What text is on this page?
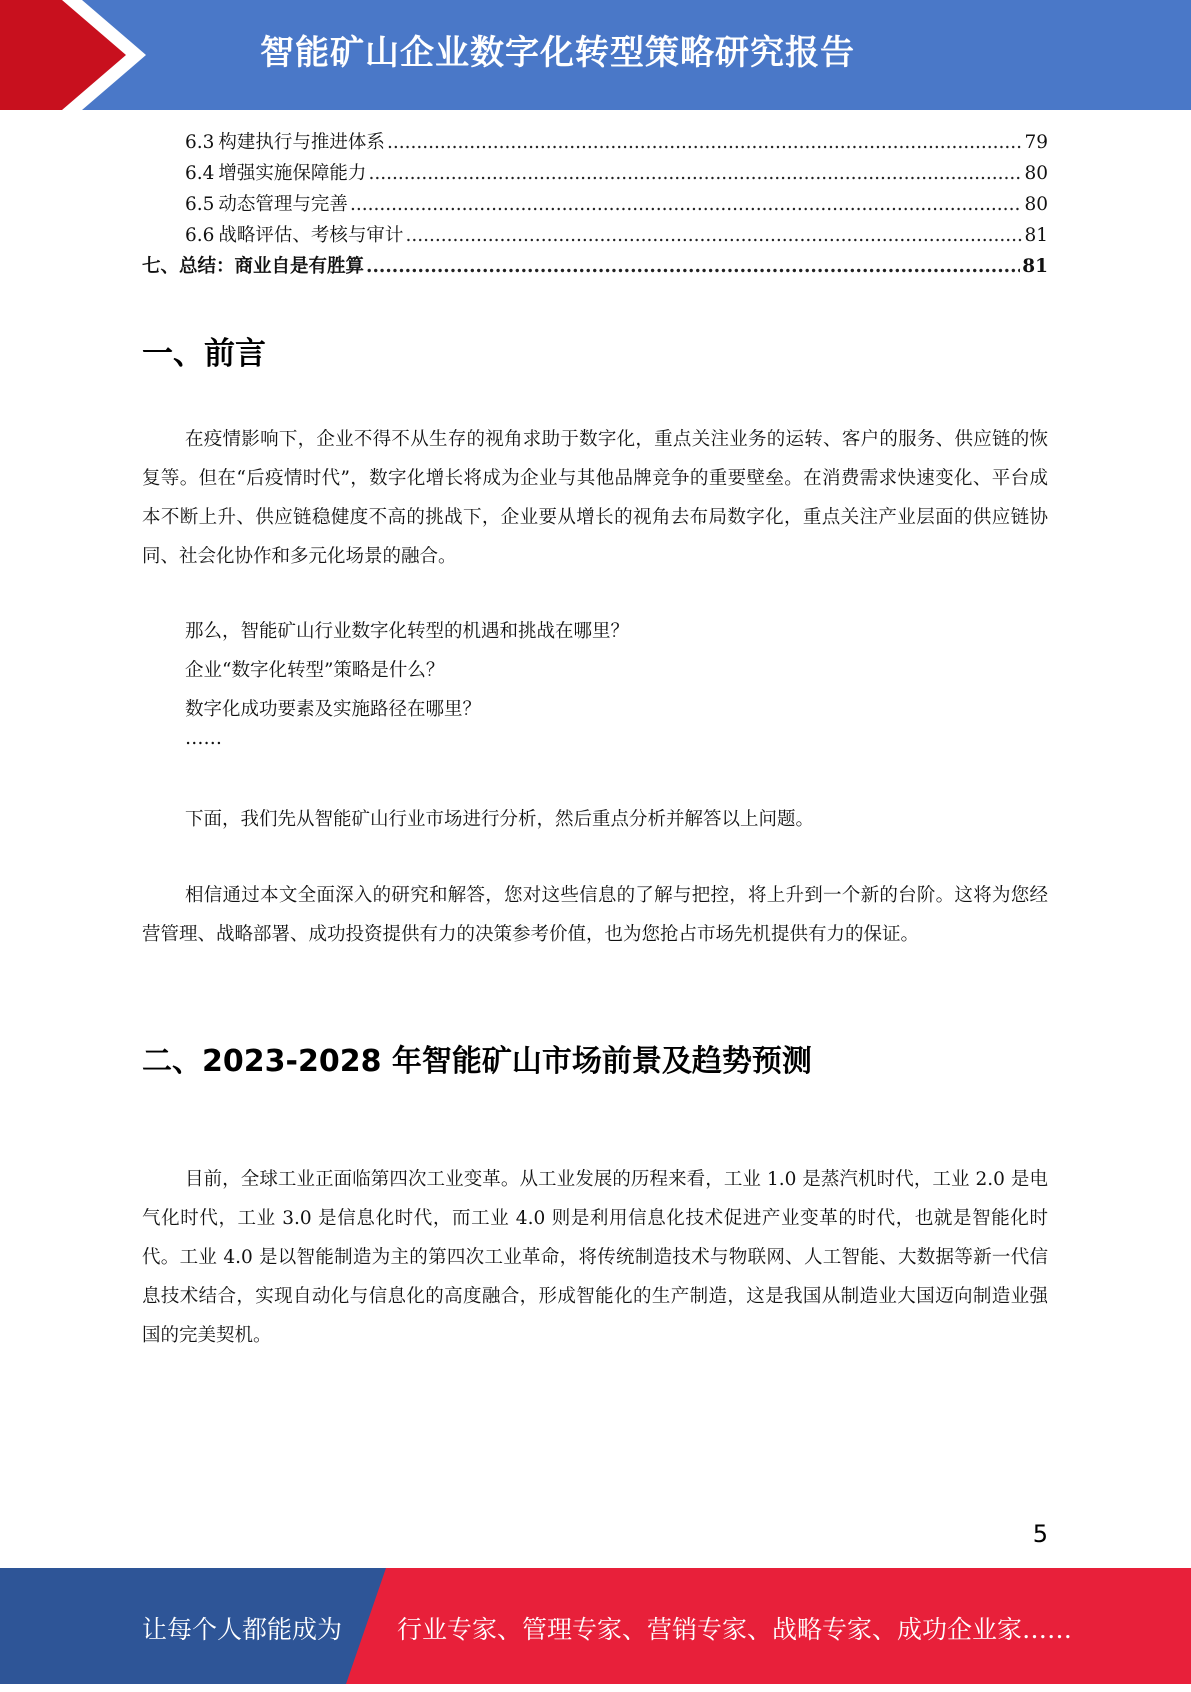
智能矿山企业数字化转型策略研究报告
6.3 构建执行与推进体系 .....	79
6.4 增强实施保障能力 .....	80
6.5 动态管理与完善 .....	80
6.6 战略评估、考核与审计 .....	81
七、总结：商业自是有胜算 .....	81
一、前言
在疫情影响下，企业不得不从生存的视角求助于数字化，重点关注业务的运转、客户的服务、供应链的恢复等。但在“后疫情时代”，数字化增长将成为企业与其他品牌竞争的重要壁垒。在消费需求快速变化、平台成本不断上升、供应链稳健度不高的挑战下，企业要从增长的视角去布局数字化，重点关注产业层面的供应链协同、社会化协作和多元化场景的融合。
那么，智能矿山行业数字化转型的机遇和挑战在哪里？
企业“数字化转型”策略是什么？
数字化成功要素及实施路径在哪里？
……
下面，我们先从智能矿山行业市场进行分析，然后重点分析并解答以上问题。
相信通过本文全面深入的研究和解答，您对这些信息的了解与把控，将上升到一个新的台阶。这将为您经营管理、战略部署、成功投资提供有力的决策参考价值，也为您抢占市场先机提供有力的保证。
二、2023-2028 年智能矿山市场前景及趋势预测
目前，全球工业正面临第四次工业变革。从工业发展的历程来看，工业 1.0 是蒸汽机时代，工业 2.0 是电气化时代，工业 3.0 是信息化时代，而工业 4.0 则是利用信息化技术促进产业变革的时代，也就是智能化时代。工业 4.0 是以智能制造为主的第四次工业革命，将传统制造技术与物联网、人工智能、大数据等新一代信息技术结合，实现自动化与信息化的高度融合，形成智能化的生产制造，这是我国从制造业大国迈向制造业强国的完美契机。
5
让每个人都能成为 行业专家、管理专家、营销专家、战略专家、成功企业家……
